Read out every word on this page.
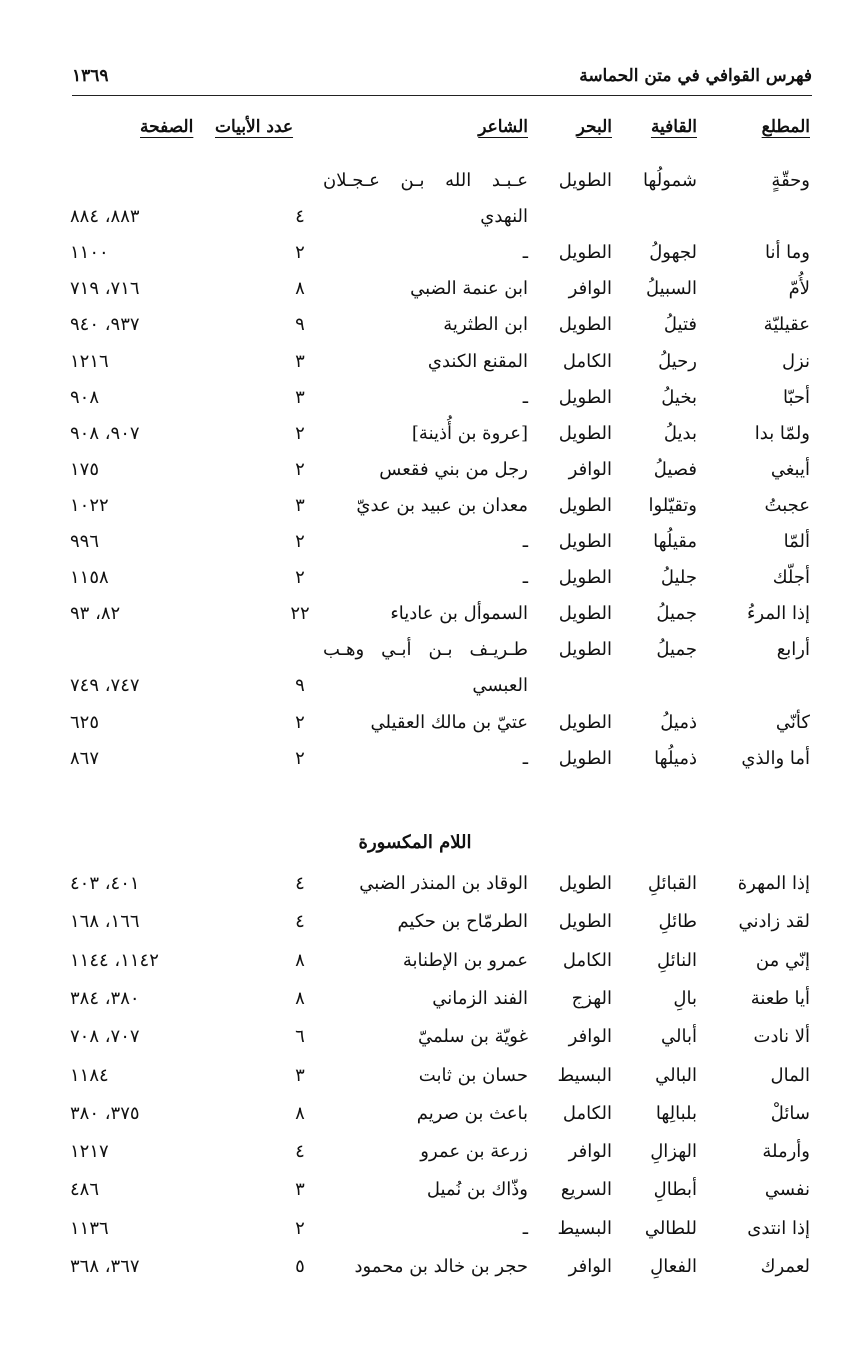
فهرس القوافي في متن الحماسة
١٣٦٩
المطلع
القافية
البحر
الشاعر
عدد الأبيات
الصفحة
وحقّةٍ
شمولُها
الطويل
عـبـد الله بـن عـجـلان
النهدي
٤
٨٨٣، ٨٨٤
وما أنا
لجهولُ
الطويل
ـ
٢
١١٠٠
لأُمّ
السبيلُ
الوافر
ابن عنمة الضبي
٨
٧١٦، ٧١٩
عقيليّة
فتيلُ
الطويل
ابن الطثرية
٩
٩٣٧، ٩٤٠
نزل
رحيلُ
الكامل
المقنع الكندي
٣
١٢١٦
أحبّا
بخيلُ
الطويل
ـ
٣
٩٠٨
ولمّا بدا
بديلُ
الطويل
[عروة بن أُذينة]
٢
٩٠٧، ٩٠٨
أيبغي
فصيلُ
الوافر
رجل من بني فقعس
٢
١٧٥
عجبتُ
وتقيّلوا
الطويل
معدان بن عبيد بن عديّ
٣
١٠٢٢
ألمّا
مقيلُها
الطويل
ـ
٢
٩٩٦
أجلّك
جليلُ
الطويل
ـ
٢
١١٥٨
إذا المرءُ
جميلُ
الطويل
السموأل بن عادياء
٢٢
٨٢، ٩٣
أرابع
جميلُ
الطويل
طـريـف بـن أبـي وهـب
العبسي
٩
٧٤٧، ٧٤٩
كأنّي
ذميلُ
الطويل
عتيّ بن مالك العقيلي
٢
٦٢٥
أما والذي
ذميلُها
الطويل
ـ
٢
٨٦٧
اللام المكسورة
إذا المهرة
القبائلِ
الطويل
الوقاد بن المنذر الضبي
٤
٤٠١، ٤٠٣
لقد زادني
طائلِ
الطويل
الطرمّاح بن حكيم
٤
١٦٦، ١٦٨
إنّي من
النائلِ
الكامل
عمرو بن الإطنابة
٨
١١٤٢، ١١٤٤
أيا طعنة
بالِ
الهزج
الفند الزماني
٨
٣٨٠، ٣٨٤
ألا نادت
أبالي
الوافر
غويّة بن سلميّ
٦
٧٠٧، ٧٠٨
المال
البالي
البسيط
حسان بن ثابت
٣
١١٨٤
سائلْ
بلبالِها
الكامل
باعث بن صريم
٨
٣٧٥، ٣٨٠
وأرملة
الهزالِ
الوافر
زرعة بن عمرو
٤
١٢١٧
نفسي
أبطالِ
السريع
وذّاك بن نُميل
٣
٤٨٦
إذا انتدى
للطالي
البسيط
ـ
٢
١١٣٦
لعمرك
الفعالِ
الوافر
حجر بن خالد بن محمود
٥
٣٦٧، ٣٦٨
